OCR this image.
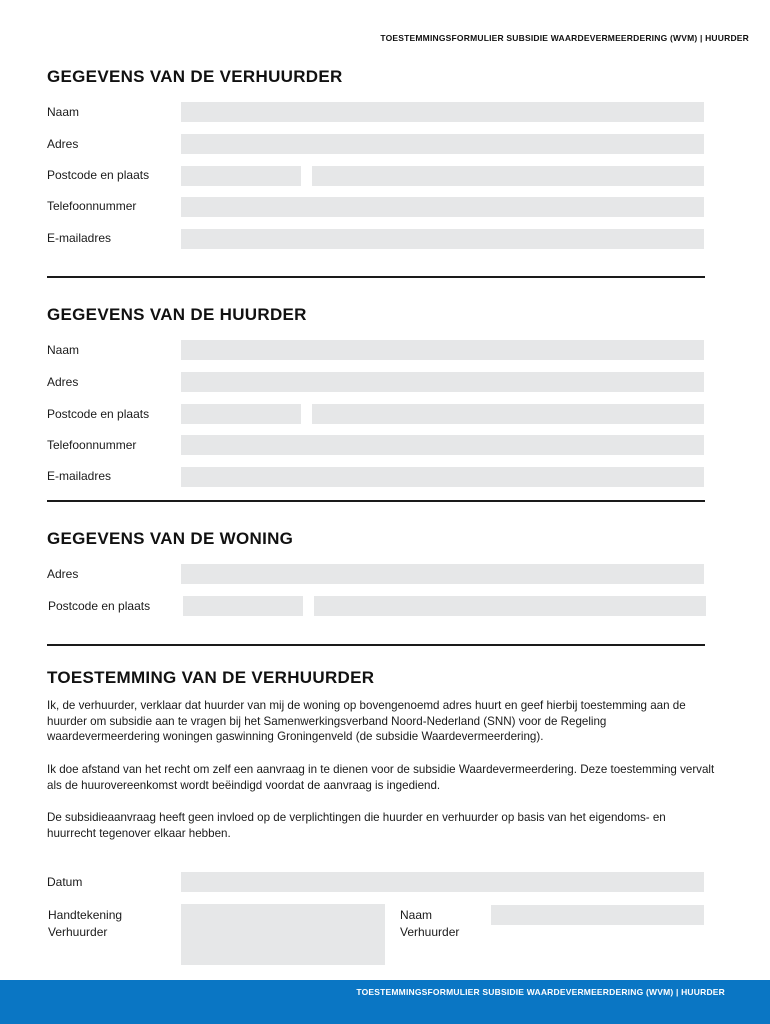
TOESTEMMINGSFORMULIER SUBSIDIE WAARDEVERMEERDERING (WVM) | HUURDER
GEGEVENS VAN DE VERHUURDER
Naam
Adres
Postcode en plaats
Telefoonnummer
E-mailadres
GEGEVENS VAN DE HUURDER
Naam
Adres
Postcode en plaats
Telefoonnummer
E-mailadres
GEGEVENS VAN DE WONING
Adres
Postcode en plaats
TOESTEMMING VAN DE VERHUURDER

Ik, de verhuurder, verklaar dat huurder van mij de woning op bovengenoemd adres huurt en geef hierbij toestemming aan de huurder om subsidie aan te vragen bij het Samenwerkingsverband Noord-Nederland (SNN) voor de Regeling waardevermeerdering woningen gaswinning Groningenveld (de subsidie Waardevermeerdering).

Ik doe afstand van het recht om zelf een aanvraag in te dienen voor de subsidie Waardevermeerdering. Deze toestemming vervalt als de huurovereenkomst wordt beëindigd voordat de aanvraag is ingediend.

De subsidieaanvraag heeft geen invloed op de verplichtingen die huurder en verhuurder op basis van het eigendoms- en huurrecht tegenover elkaar hebben.

Datum
Handtekening
Verhuurder
Naam
Verhuurder
TOESTEMMINGSFORMULIER SUBSIDIE WAARDEVERMEERDERING (WVM) | HUURDER
